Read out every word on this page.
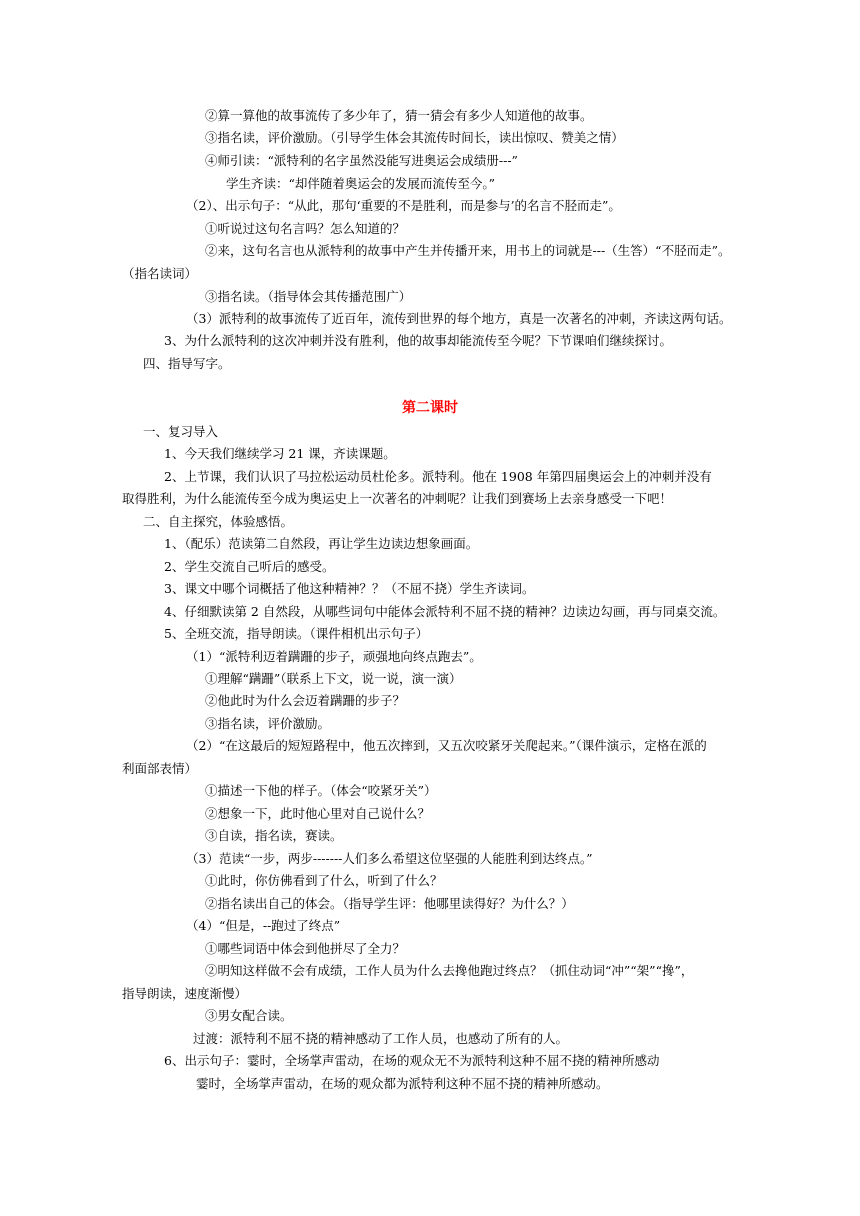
②算一算他的故事流传了多少年了，猜一猜会有多少人知道他的故事。
③指名读，评价激励。（引导学生体会其流传时间长，读出惊叹、赞美之情）
④师引读：“派特利的名字虽然没能写进奥运会成绩册---”
学生齐读：“却伴随着奥运会的发展而流传至今。”
（2）、出示句子：“从此，那句‘重要的不是胜利，而是参与’的名言不胫而走”。
①听说过这句名言吗？怎么知道的？
②来，这句名言也从派特利的故事中产生并传播开来，用书上的词就是---（生答）“不胫而走”。
（指名读词）
③指名读。（指导体会其传播范围广）
（3）派特利的故事流传了近百年，流传到世界的每个地方，真是一次著名的冲刺，齐读这两句话。
3、为什么派特利的这次冲刺并没有胜利，他的故事却能流传至今呢？下节课咱们继续探讨。
四、指导写字。
第二课时
一、复习导入
1、今天我们继续学习 21 课，齐读课题。
2、上节课，我们认识了马拉松运动员杜伦多。派特利。他在 1908 年第四届奥运会上的冲刺并没有
取得胜利，为什么能流传至今成为奥运史上一次著名的冲刺呢？让我们到赛场上去亲身感受一下吧！
二、自主探究，体验感悟。
1、（配乐）范读第二自然段，再让学生边读边想象画面。
2、学生交流自己听后的感受。
3、课文中哪个词概括了他这种精神？？（不屈不挠）学生齐读词。
4、仔细默读第 2 自然段，从哪些词句中能体会派特利不屈不挠的精神？边读边勾画，再与同桌交流。
5、全班交流，指导朗读。（课件相机出示句子）
（1）“派特利迈着蹒跚的步子，顽强地向终点跑去”。
①理解“蹒跚”（联系上下文，说一说，演一演）
②他此时为什么会迈着蹒跚的步子？
③指名读，评价激励。
（2）“在这最后的短短路程中，他五次摔到，又五次咬紧牙关爬起来。”（课件演示，定格在派的
利面部表情）
①描述一下他的样子。（体会“咬紧牙关”）
②想象一下，此时他心里对自己说什么？
③自读，指名读，赛读。
（3）范读“一步，两步-------人们多么希望这位坚强的人能胜利到达终点。”
①此时，你仿佛看到了什么，听到了什么？
②指名读出自己的体会。（指导学生评：他哪里读得好？为什么？）
（4）“但是，--跑过了终点”
①哪些词语中体会到他拼尽了全力？
②明知这样做不会有成绩，工作人员为什么去搀他跑过终点？（抓住动词“冲”“架”“搀”，
指导朗读，速度渐慢）
③男女配合读。
过渡：派特利不屈不挠的精神感动了工作人员，也感动了所有的人。
6、出示句子：霎时，全场掌声雷动，在场的观众无不为派特利这种不屈不挠的精神所感动
霎时，全场掌声雷动，在场的观众都为派特利这种不屈不挠的精神所感动。
